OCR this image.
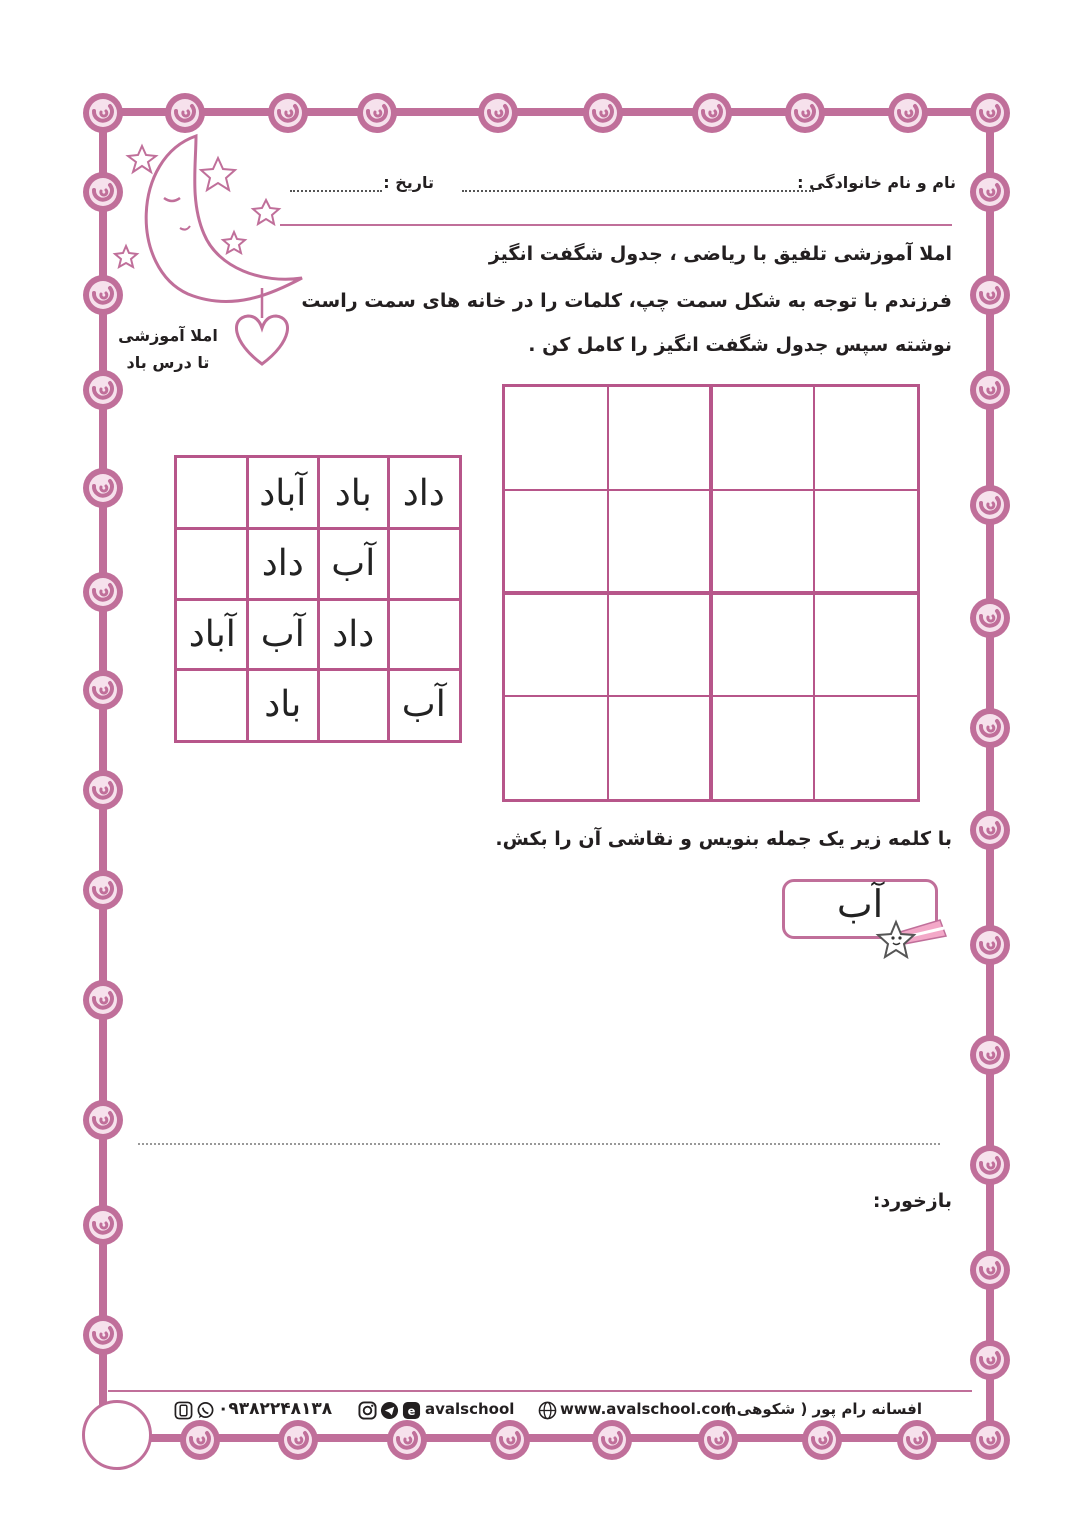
نام و نام خانوادگی :
تاریخ :
املا آموزشی
تا درس باد
املا آموزشی تلفیق با ریاضی ، جدول شگفت انگیز
فرزندم با توجه به شکل سمت چپ، کلمات را در خانه های سمت راست
نوشته سپس جدول شگفت انگیز را کامل کن .
آباد باد داد
داد آب
آباد آب داد
باد	آب
با کلمه زیر یک جمله بنویس و نقاشی آن را بکش.
آب
بازخورد:
افسانه رام پور ( شکوهی )
www.avalschool.com
avalschool
e
۰۹۳۸۲۲۴۸۱۳۸
